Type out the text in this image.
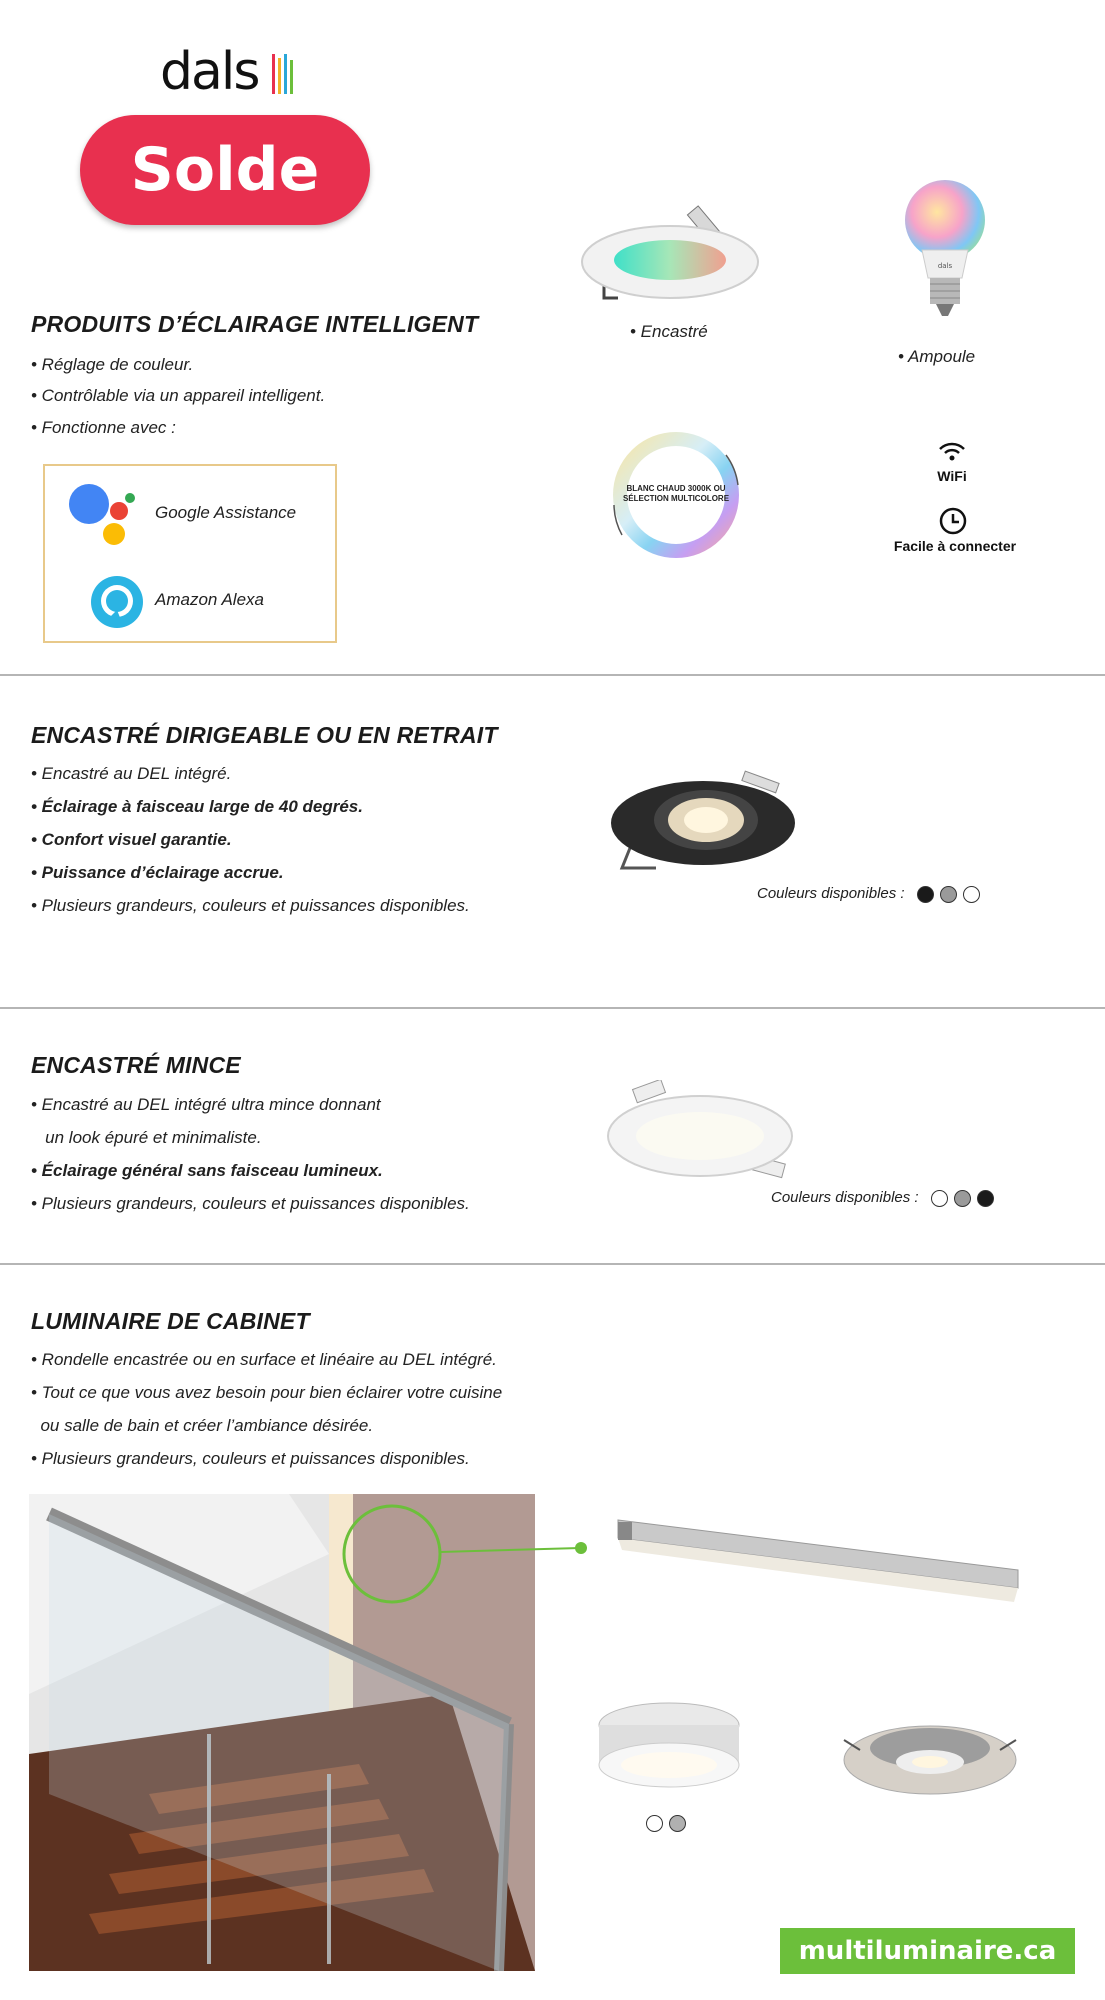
dals
Solde
PRODUITS D’ÉCLAIRAGE INTELLIGENT
• Réglage de couleur.
• Contrôlable via un appareil intelligent.
• Fonctionne avec :
Google Assistance
Amazon Alexa
• Encastré
dals
• Ampoule
BLANC CHAUD 3000K OU
SÉLECTION MULTICOLORE
WiFi
Facile à connecter
ENCASTRÉ DIRIGEABLE OU EN RETRAIT
• Encastré au DEL intégré.
• Éclairage à faisceau large de 40 degrés.
• Confort visuel garantie.
• Puissance d’éclairage accrue.
• Plusieurs grandeurs, couleurs et puissances disponibles.
Couleurs disponibles :
ENCASTRÉ MINCE
• Encastré au DEL intégré ultra mince donnant
un look épuré et minimaliste.
• Éclairage général sans faisceau lumineux.
• Plusieurs grandeurs, couleurs et puissances disponibles.	Couleurs disponibles :
LUMINAIRE DE CABINET
• Rondelle encastrée ou en surface et linéaire au DEL intégré.
• Tout ce que vous avez besoin pour bien éclairer votre cuisine
ou salle de bain et créer l’ambiance désirée.
• Plusieurs grandeurs, couleurs et puissances disponibles.

multiluminaire.ca
